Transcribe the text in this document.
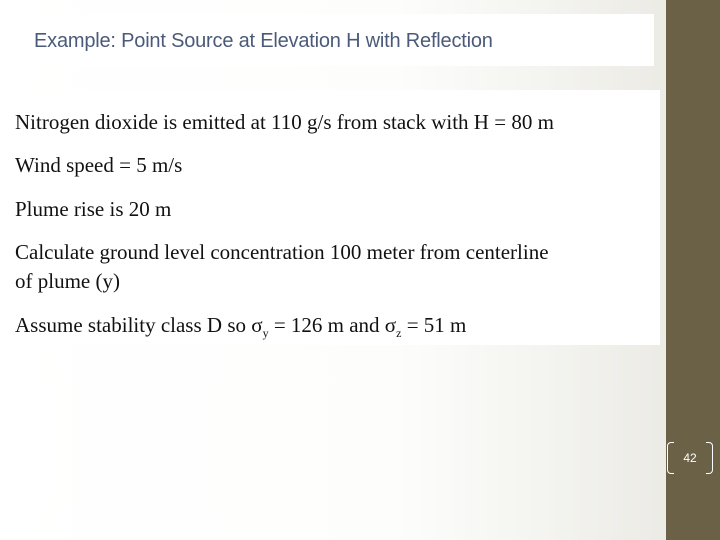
Example: Point Source at Elevation H with Reflection
Nitrogen dioxide is emitted at 110 g/s from stack with H = 80 m
Wind speed = 5 m/s
Plume rise is 20 m
Calculate ground level concentration 100 meter from centerline
of plume (y)
Assume stability class D so $\sigma_y = 126$ m and $\sigma_z = 51$ m
42
